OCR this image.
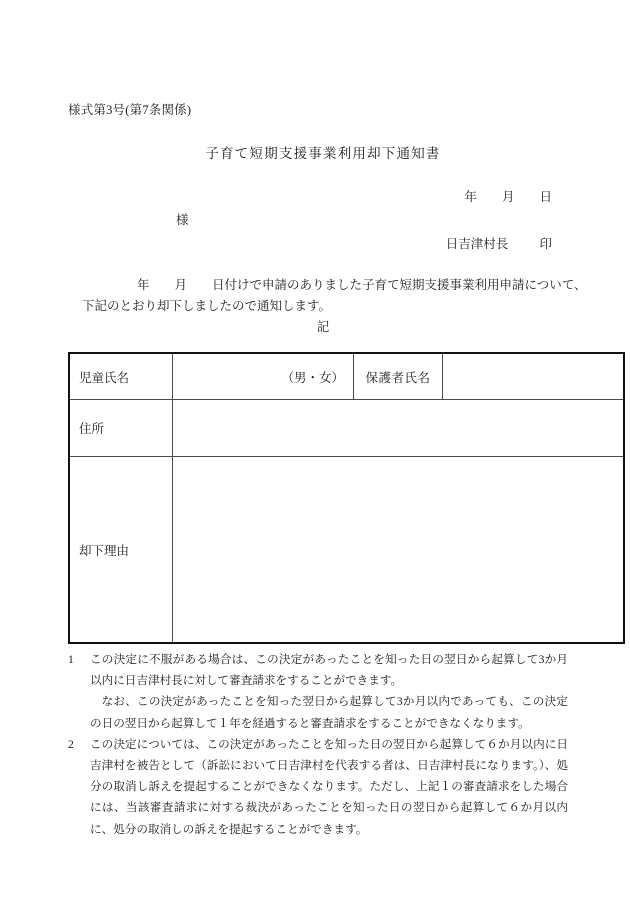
様式第3号(第7条関係)
子育て短期支援事業利用却下通知書
年        月        日
様
日吉津村長          印
年        月        日付けで申請のありました子育て短期支援事業利用申請について、
下記のとおり却下しましたので通知します。
記
児童氏名	（男・女）	保護者氏名	
住所			
却下理由			
1	この決定に不服がある場合は、この決定があったことを知った日の翌日から起算して3か月以内に日吉津村長に対して審査請求をすることができます。
なお、この決定があったことを知った翌日から起算して3か月以内であっても、この決定の日の翌日から起算して１年を経過すると審査請求をすることができなくなります。
2	この決定については、この決定があったことを知った日の翌日から起算して６か月以内に日吉津村を被告として（訴訟において日吉津村を代表する者は、日吉津村長になります。）、処分の取消し訴えを提起することができなくなります。ただし、上記１の審査請求をした場合には、当該審査請求に対する裁決があったことを知った日の翌日から起算して６か月以内に、処分の取消しの訴えを提起することができます。
